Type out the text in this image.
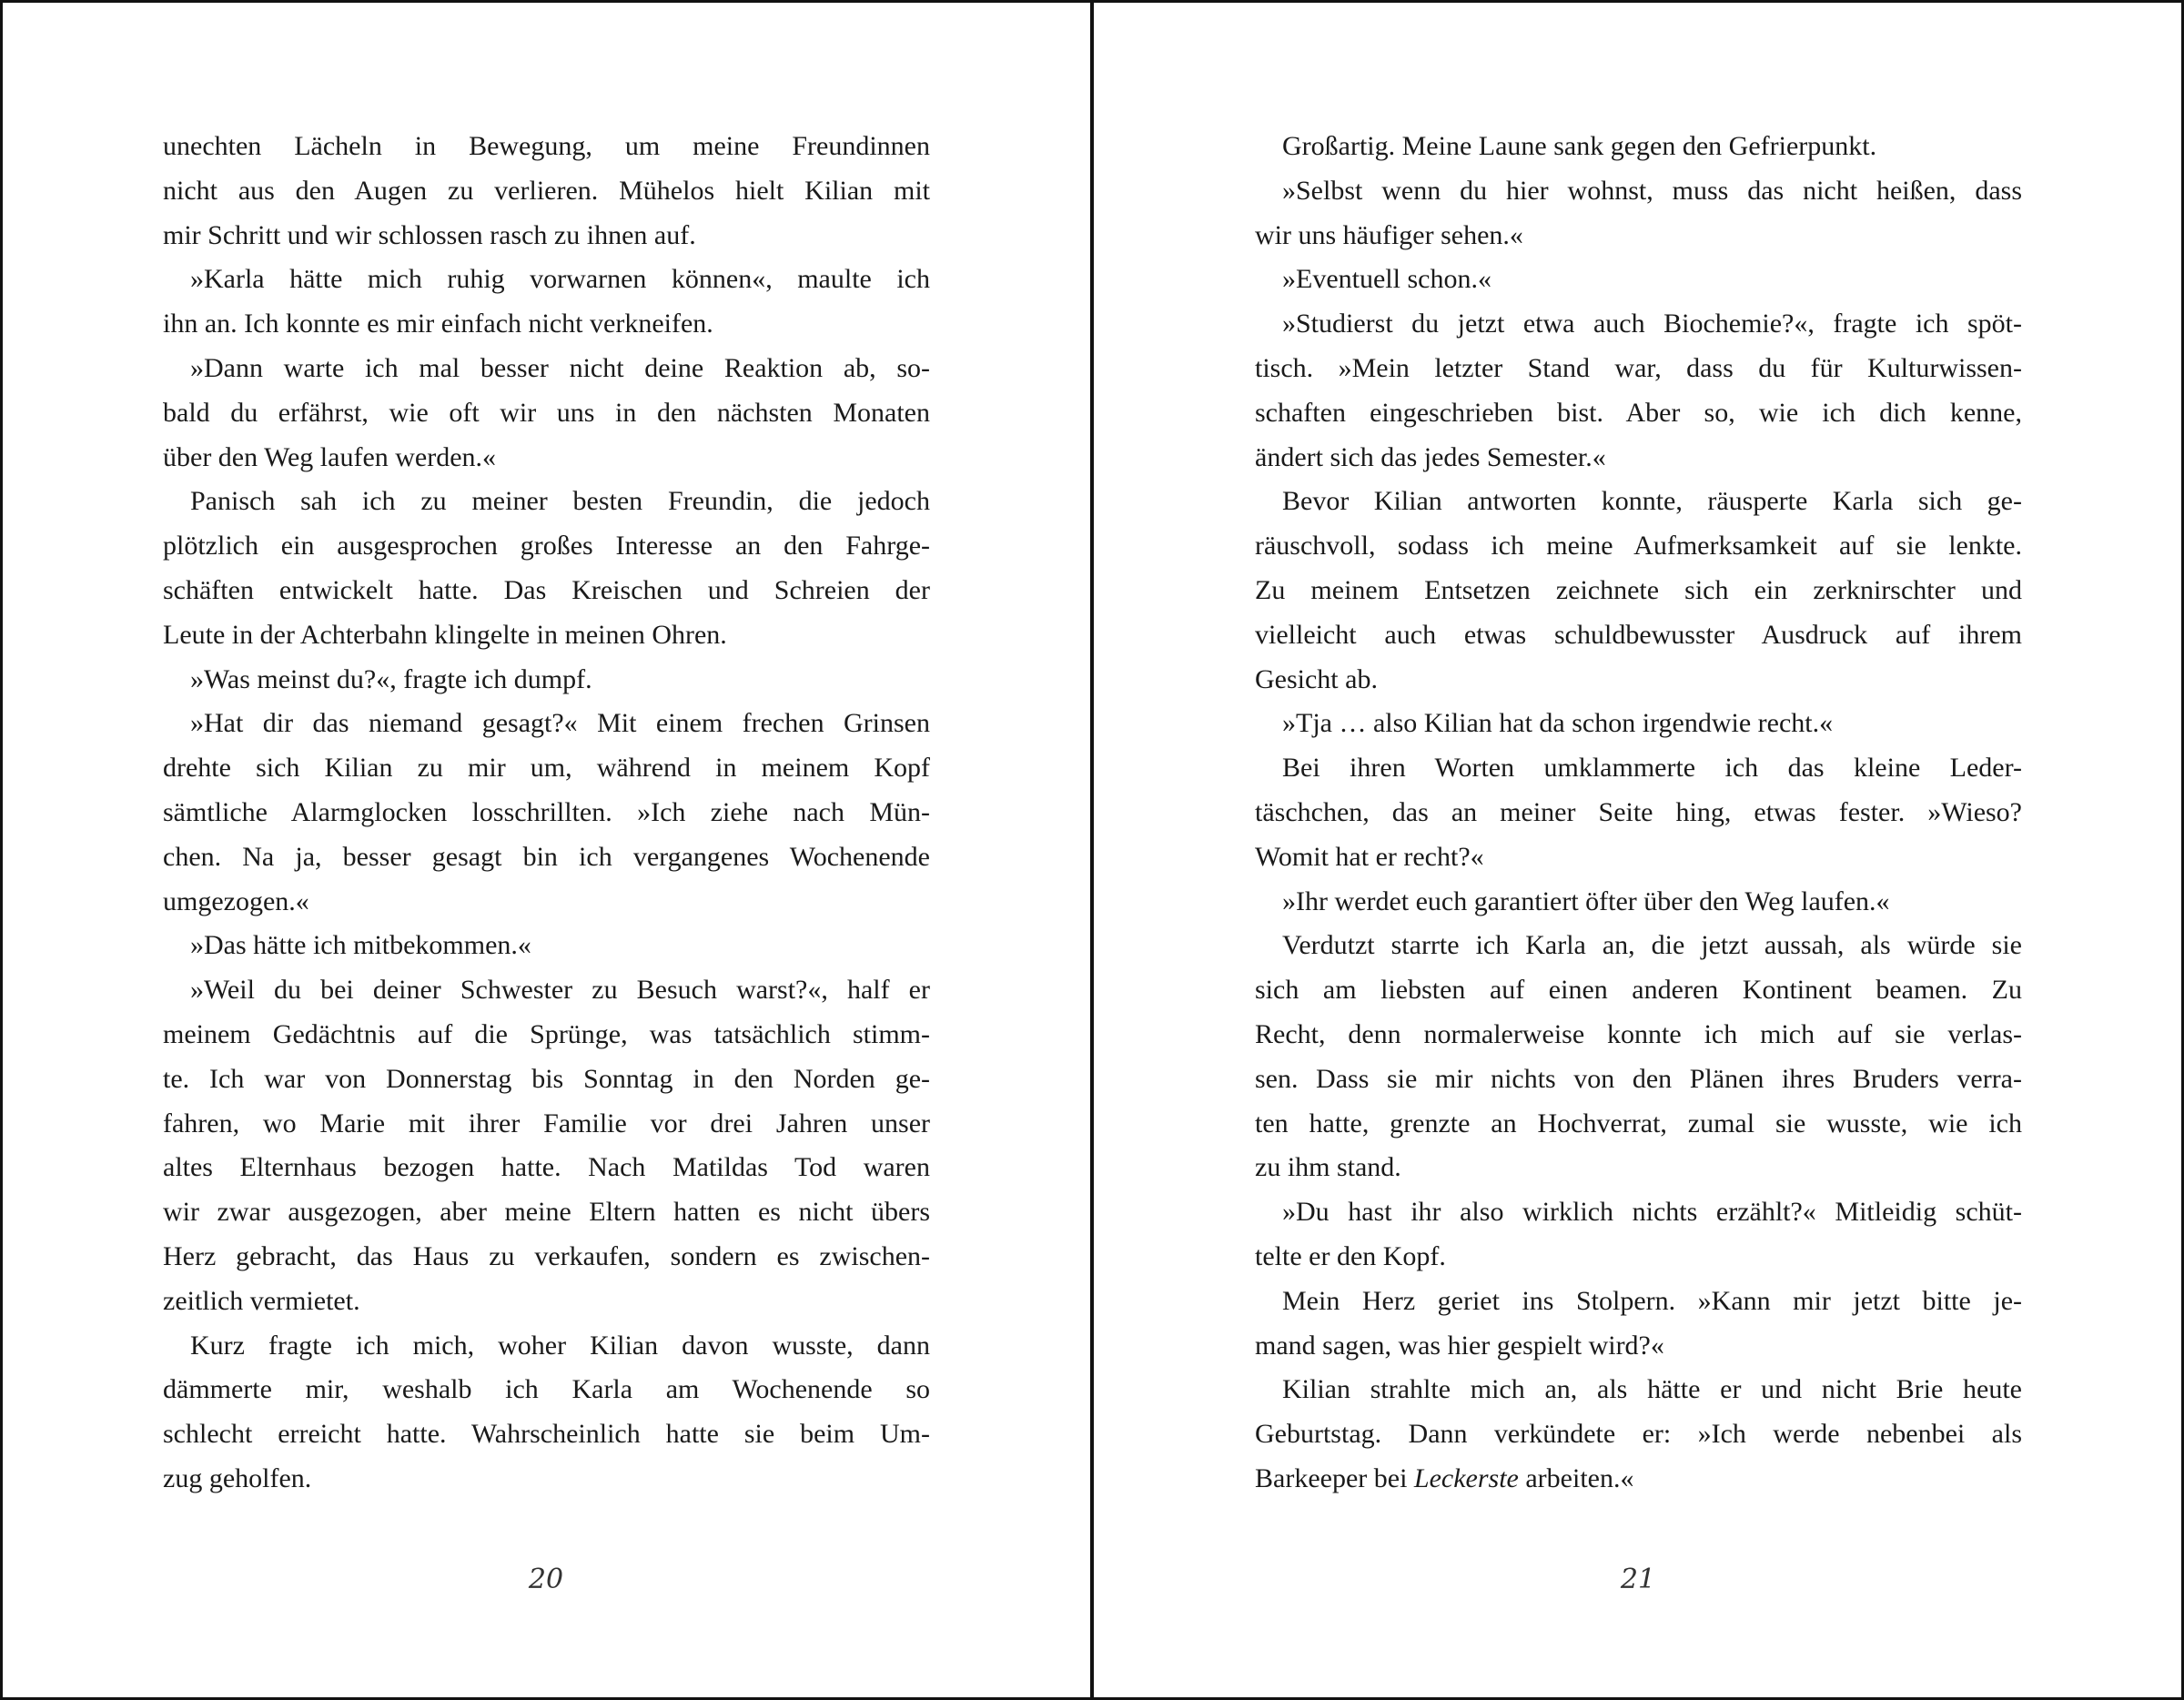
unechten Lächeln in Bewegung, um meine Freundinnen
nicht aus den Augen zu verlieren. Mühelos hielt Kilian mit
mir Schritt und wir schlossen rasch zu ihnen auf.
»Karla hätte mich ruhig vorwarnen können«, maulte ich
ihn an. Ich konnte es mir einfach nicht verkneifen.
»Dann warte ich mal besser nicht deine Reaktion ab, so-
bald du erfährst, wie oft wir uns in den nächsten Monaten
über den Weg laufen werden.«
Panisch sah ich zu meiner besten Freundin, die jedoch
plötzlich ein ausgesprochen großes Interesse an den Fahrge-
schäften entwickelt hatte. Das Kreischen und Schreien der
Leute in der Achterbahn klingelte in meinen Ohren.
»Was meinst du?«, fragte ich dumpf.
»Hat dir das niemand gesagt?« Mit einem frechen Grinsen
drehte sich Kilian zu mir um, während in meinem Kopf
sämtliche Alarmglocken losschrillten. »Ich ziehe nach Mün-
chen. Na ja, besser gesagt bin ich vergangenes Wochenende
umgezogen.«
»Das hätte ich mitbekommen.«
»Weil du bei deiner Schwester zu Besuch warst?«, half er
meinem Gedächtnis auf die Sprünge, was tatsächlich stimm-
te. Ich war von Donnerstag bis Sonntag in den Norden ge-
fahren, wo Marie mit ihrer Familie vor drei Jahren unser
altes Elternhaus bezogen hatte. Nach Matildas Tod waren
wir zwar ausgezogen, aber meine Eltern hatten es nicht übers
Herz gebracht, das Haus zu verkaufen, sondern es zwischen-
zeitlich vermietet.
Kurz fragte ich mich, woher Kilian davon wusste, dann
dämmerte mir, weshalb ich Karla am Wochenende so
schlecht erreicht hatte. Wahrscheinlich hatte sie beim Um-
zug geholfen.
Großartig. Meine Laune sank gegen den Gefrierpunkt.
»Selbst wenn du hier wohnst, muss das nicht heißen, dass
wir uns häufiger sehen.«
»Eventuell schon.«
»Studierst du jetzt etwa auch Biochemie?«, fragte ich spöt-
tisch. »Mein letzter Stand war, dass du für Kulturwissen-
schaften eingeschrieben bist. Aber so, wie ich dich kenne,
ändert sich das jedes Semester.«
Bevor Kilian antworten konnte, räusperte Karla sich ge-
räuschvoll, sodass ich meine Aufmerksamkeit auf sie lenkte.
Zu meinem Entsetzen zeichnete sich ein zerknirschter und
vielleicht auch etwas schuldbewusster Ausdruck auf ihrem
Gesicht ab.
»Tja … also Kilian hat da schon irgendwie recht.«
Bei ihren Worten umklammerte ich das kleine Leder-
täschchen, das an meiner Seite hing, etwas fester. »Wieso?
Womit hat er recht?«
»Ihr werdet euch garantiert öfter über den Weg laufen.«
Verdutzt starrte ich Karla an, die jetzt aussah, als würde sie
sich am liebsten auf einen anderen Kontinent beamen. Zu
Recht, denn normalerweise konnte ich mich auf sie verlas-
sen. Dass sie mir nichts von den Plänen ihres Bruders verra-
ten hatte, grenzte an Hochverrat, zumal sie wusste, wie ich
zu ihm stand.
»Du hast ihr also wirklich nichts erzählt?« Mitleidig schüt-
telte er den Kopf.
Mein Herz geriet ins Stolpern. »Kann mir jetzt bitte je-
mand sagen, was hier gespielt wird?«
Kilian strahlte mich an, als hätte er und nicht Brie heute
Geburtstag. Dann verkündete er: »Ich werde nebenbei als
Barkeeper bei Leckerste arbeiten.«
20	21
